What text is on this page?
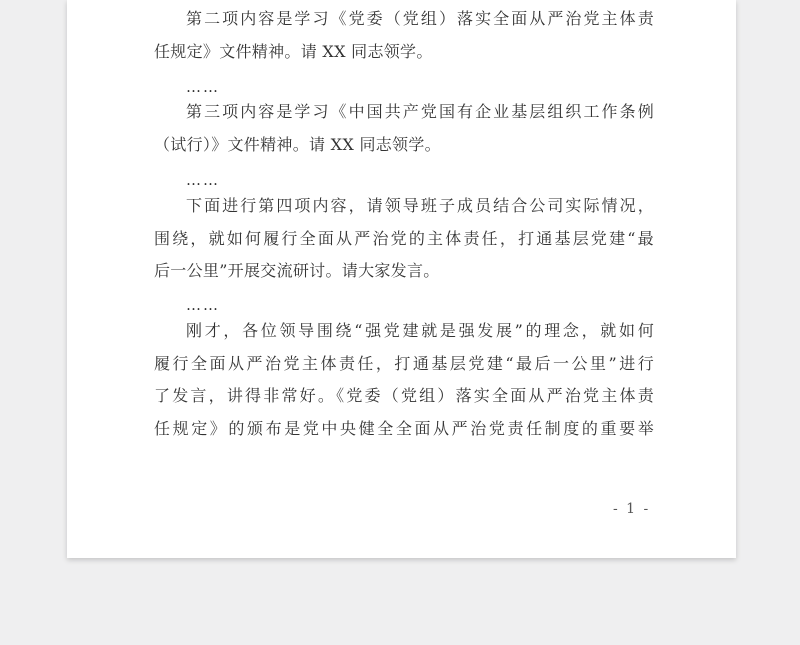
第二项内容是学习《党委（党组）落实全面从严治党主体责
任规定》文件精神。请 XX 同志领学。
……
第三项内容是学习《中国共产党国有企业基层组织工作条例
（试行）》文件精神。请 XX 同志领学。
……
下面进行第四项内容，请领导班子成员结合公司实际情况，
围绕，就如何履行全面从严治党的主体责任，打通基层党建“最
后一公里”开展交流研讨。请大家发言。
……
刚才，各位领导围绕“强党建就是强发展”的理念，就如何
履行全面从严治党主体责任，打通基层党建“最后一公里”进行
了发言，讲得非常好。《党委（党组）落实全面从严治党主体责
任规定》的颁布是党中央健全全面从严治党责任制度的重要举
- 1 -
